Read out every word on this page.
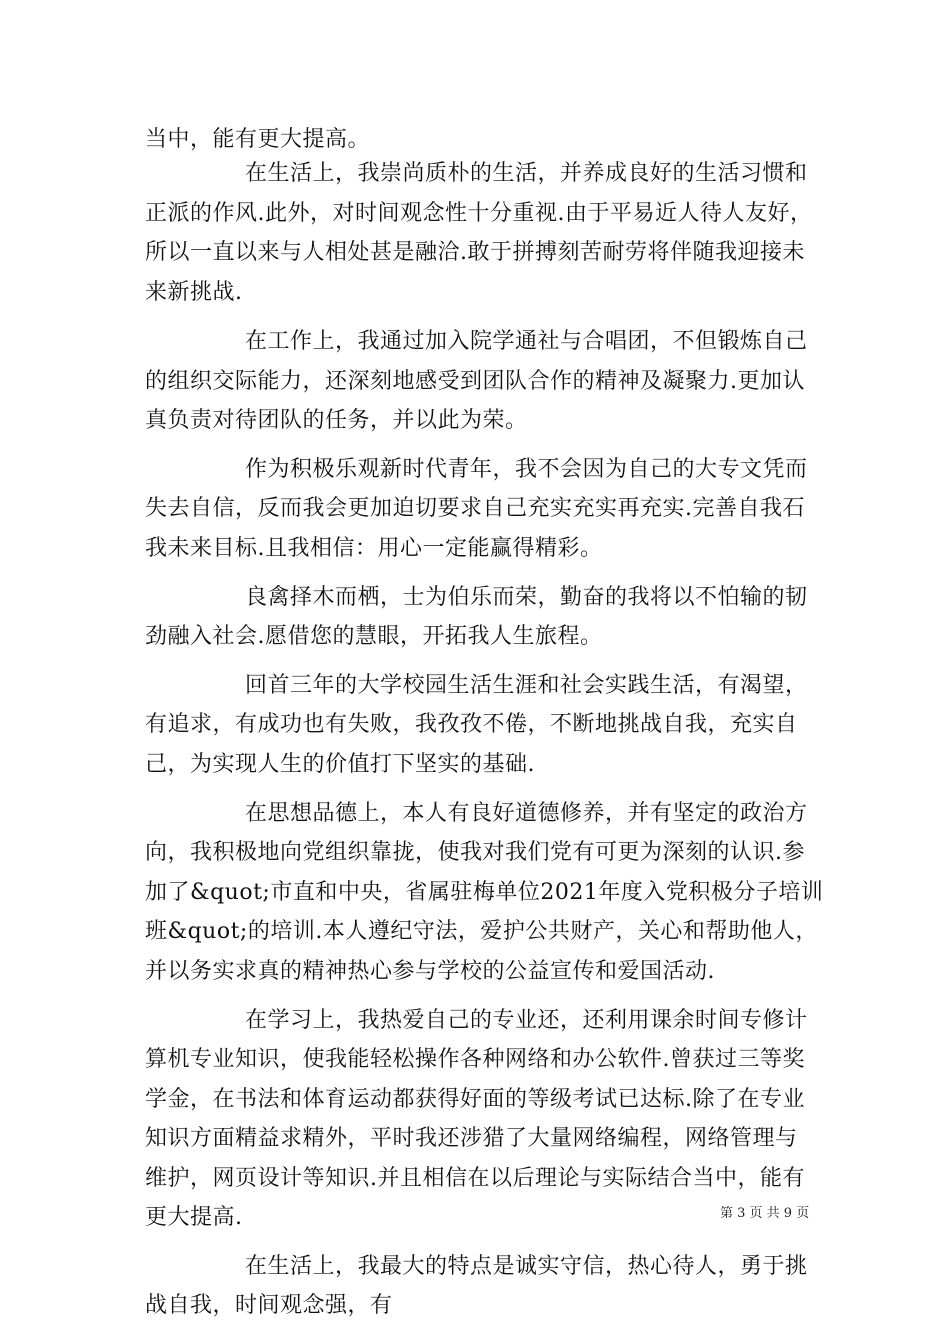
当中，能有更大提高。
在生活上，我崇尚质朴的生活，并养成良好的生活习惯和
正派的作风.此外，对时间观念性十分重视.由于平易近人待人友好，
所以一直以来与人相处甚是融洽.敢于拼搏刻苦耐劳将伴随我迎接未
来新挑战.
在工作上，我通过加入院学通社与合唱团，不但锻炼自己
的组织交际能力，还深刻地感受到团队合作的精神及凝聚力.更加认
真负责对待团队的任务，并以此为荣。
作为积极乐观新时代青年，我不会因为自己的大专文凭而
失去自信，反而我会更加迫切要求自己充实充实再充实.完善自我石
我未来目标.且我相信：用心一定能赢得精彩。
良禽择木而栖，士为伯乐而荣，勤奋的我将以不怕输的韧
劲融入社会.愿借您的慧眼，开拓我人生旅程。
回首三年的大学校园生活生涯和社会实践生活，有渴望，
有追求，有成功也有失败，我孜孜不倦，不断地挑战自我，充实自
己，为实现人生的价值打下坚实的基础.
在思想品德上，本人有良好道德修养，并有坚定的政治方
向，我积极地向党组织靠拢，使我对我们党有可更为深刻的认识.参
加了&quot;市直和中央，省属驻梅单位2021年度入党积极分子培训
班&quot;的培训.本人遵纪守法，爱护公共财产，关心和帮助他人，
并以务实求真的精神热心参与学校的公益宣传和爱国活动.
在学习上，我热爱自己的专业还，还利用课余时间专修计
算机专业知识，使我能轻松操作各种网络和办公软件.曾获过三等奖
学金，在书法和体育运动都获得好面的等级考试已达标.除了在专业
知识方面精益求精外，平时我还涉猎了大量网络编程，网络管理与
维护，网页设计等知识.并且相信在以后理论与实际结合当中，能有
更大提高.
在生活上，我最大的特点是诚实守信，热心待人，勇于挑
战自我，时间观念强，有
第 3 页 共 9 页
